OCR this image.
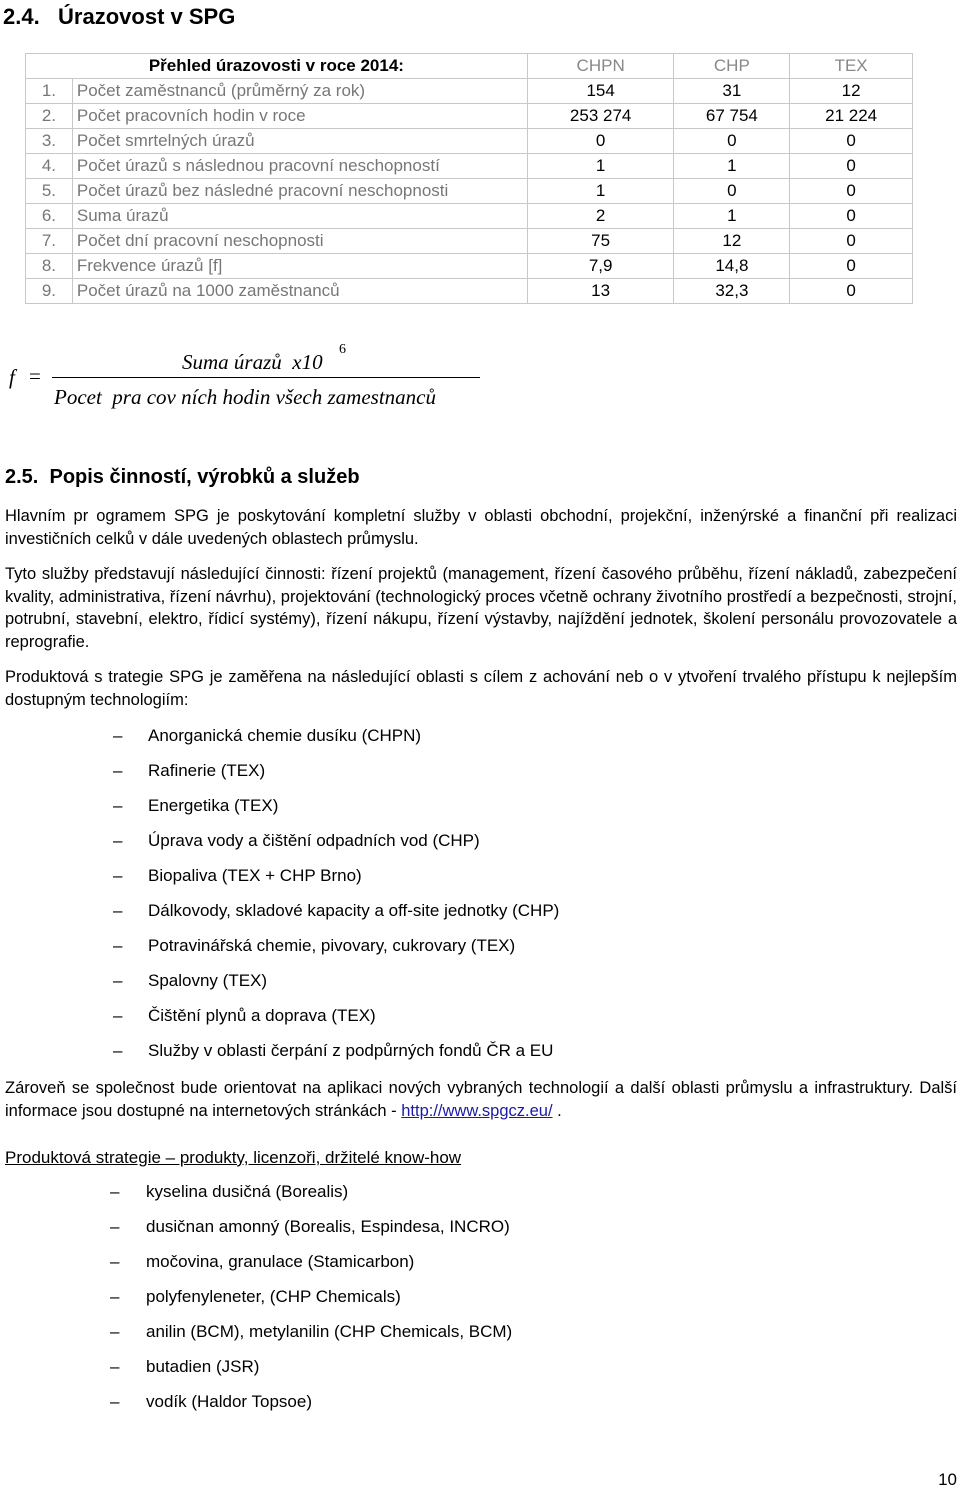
2.4.   Úrazovost v SPG
Přehled úrazovosti v roce 2014:		CHPN	CHP	TEX
1.	Počet zaměstnanců (průměrný za rok)	154	31	12
2.	Počet pracovních hodin v roce	253 274	67 754	21 224
3.	Počet smrtelných úrazů	0	0	0
4.	Počet úrazů s následnou pracovní neschopností	1	1	0
5.	Počet úrazů bez následné pracovní neschopnosti	1	0	0
6.	Suma úrazů	2	1	0
7.	Počet dní pracovní neschopnosti	75	12	0
8.	Frekvence úrazů [f]	7,9	14,8	0
9.	Počet úrazů na 1000 zaměstnanců	13	32,3	0
f =
Suma úrazů  x10
6
Pocet  pra cov ních hodin všech zamestnanců
2.5.  Popis činností, výrobků a služeb

Hlavním pr ogramem SPG je poskytování kompletní služby v oblasti obchodní, projekční, inženýrské a finanční při realizaci investičních celků v dále uvedených oblastech průmyslu.

Tyto služby představují následující činnosti: řízení projektů (management, řízení časového průběhu, řízení nákladů, zabezpečení kvality, administrativa, řízení návrhu), projektování (technologický proces včetně ochrany životního prostředí a bezpečnosti, strojní, potrubní, stavební, elektro, řídicí systémy), řízení nákupu, řízení výstavby, najíždění jednotek, školení personálu provozovatele a reprografie.

Produktová s trategie SPG je zaměřena na následující oblasti s cílem z achování neb o v ytvoření trvalého přístupu k nejlepším dostupným technologiím:

–	Anorganická chemie dusíku (CHPN)
–	Rafinerie (TEX)
–	Energetika (TEX)
–	Úprava vody a čištění odpadních vod (CHP)
–	Biopaliva (TEX + CHP Brno)
–	Dálkovody, skladové kapacity a off-site jednotky (CHP)
–	Potravinářská chemie, pivovary, cukrovary (TEX)
–	Spalovny (TEX)
–	Čištění plynů a doprava (TEX)
–	Služby v oblasti čerpání z podpůrných fondů ČR a EU

Zároveň se společnost bude orientovat na aplikaci nových vybraných technologií a další oblasti průmyslu a infrastruktury. Další informace jsou dostupné na internetových stránkách - http://www.spgcz.eu/ .

Produktová strategie – produkty, licenzoři, držitelé know-how
–	kyselina dusičná (Borealis)
–	dusičnan amonný (Borealis, Espindesa, INCRO)
–	močovina, granulace (Stamicarbon)
–	polyfenyleneter, (CHP Chemicals)
–	anilin (BCM), metylanilin (CHP Chemicals, BCM)
–	butadien (JSR)
–	vodík (Haldor Topsoe)
10
